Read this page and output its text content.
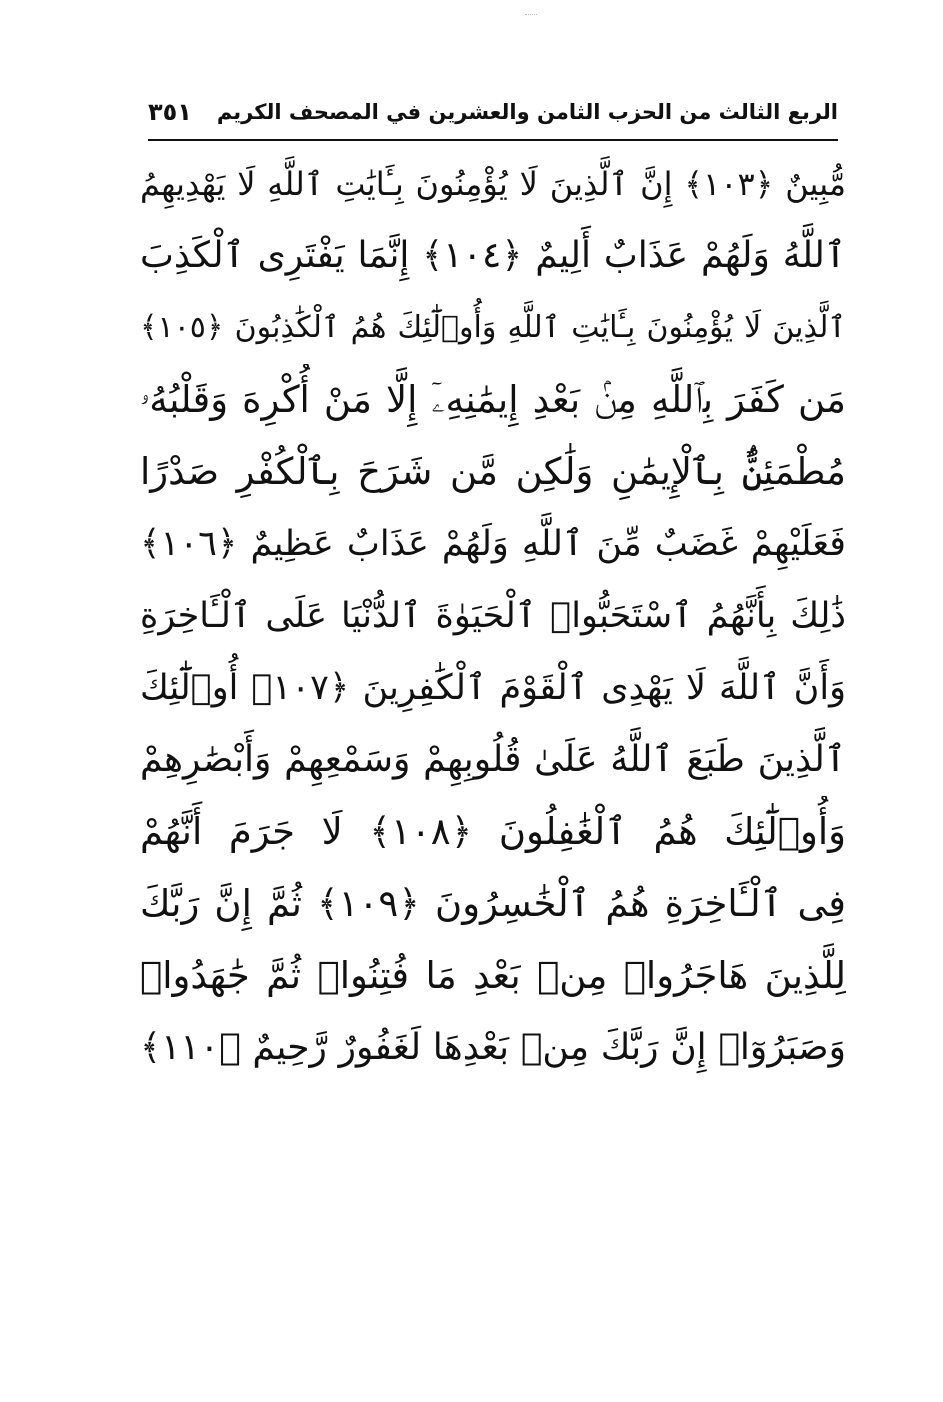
الربع الثالث من الحزب الثامن والعشرين في المصحف الكريم
٣٥١
مُّبِينٌ ﴿١٠٣﴾ إِنَّ ٱلَّذِينَ لَا يُؤْمِنُونَ بِـَٔايَٰتِ ٱللَّهِ لَا يَهْدِيهِمُ
ٱللَّهُ وَلَهُمْ عَذَابٌ أَلِيمٌ ﴿١٠٤﴾ إِنَّمَا يَفْتَرِى ٱلْكَذِبَ
ٱلَّذِينَ لَا يُؤْمِنُونَ بِـَٔايَٰتِ ٱللَّهِ وَأُو۟لَٰٓئِكَ هُمُ ٱلْكَٰذِبُونَ ﴿١٠٥﴾
مَن كَفَرَ بِٱللَّهِ مِنۢ بَعْدِ إِيمَٰنِهِۦٓ إِلَّا مَنْ أُكْرِهَ وَقَلْبُهُۥ
مُطْمَئِنٌّۢ بِٱلْإِيمَٰنِ وَلَٰكِن مَّن شَرَحَ بِٱلْكُفْرِ صَدْرًا
فَعَلَيْهِمْ غَضَبٌ مِّنَ ٱللَّهِ وَلَهُمْ عَذَابٌ عَظِيمٌ ﴿١٠٦﴾
ذَٰلِكَ بِأَنَّهُمُ ٱسْتَحَبُّوا۟ ٱلْحَيَوٰةَ ٱلدُّنْيَا عَلَى ٱلْـَٔاخِرَةِ
وَأَنَّ ٱللَّهَ لَا يَهْدِى ٱلْقَوْمَ ٱلْكَٰفِرِينَ ﴿١٠٧﴾ أُو۟لَٰٓئِكَ
ٱلَّذِينَ طَبَعَ ٱللَّهُ عَلَىٰ قُلُوبِهِمْ وَسَمْعِهِمْ وَأَبْصَٰرِهِمْ
وَأُو۟لَٰٓئِكَ هُمُ ٱلْغَٰفِلُونَ ﴿١٠٨﴾ لَا جَرَمَ أَنَّهُمْ
فِى ٱلْـَٔاخِرَةِ هُمُ ٱلْخَٰسِرُونَ ﴿١٠٩﴾ ثُمَّ إِنَّ رَبَّكَ
لِلَّذِينَ هَاجَرُوا۟ مِنۢ بَعْدِ مَا فُتِنُوا۟ ثُمَّ جَٰهَدُوا۟
وَصَبَرُوٓا۟ إِنَّ رَبَّكَ مِنۢ بَعْدِهَا لَغَفُورٌ رَّحِيمٌ ﴿١١٠﴾
